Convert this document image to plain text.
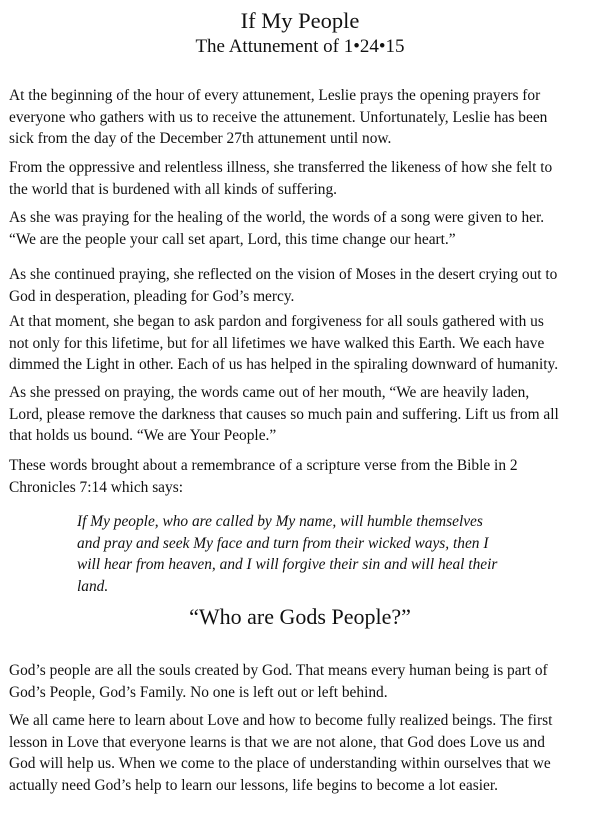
If My People
The Attunement of 1•24•15

At the beginning of the hour of every attunement, Leslie prays the opening prayers for
everyone who gathers with us to receive the attunement. Unfortunately, Leslie has been
sick from the day of the December 27th attunement until now.

From the oppressive and relentless illness, she transferred the likeness of how she felt to
the world that is burdened with all kinds of suffering.

As she was praying for the healing of the world, the words of a song were given to her.
“We are the people your call set apart, Lord, this time change our heart.”

As she continued praying, she reflected on the vision of Moses in the desert crying out to
God in desperation, pleading for God’s mercy.

At that moment, she began to ask pardon and forgiveness for all souls gathered with us
not only for this lifetime, but for all lifetimes we have walked this Earth. We each have
dimmed the Light in other. Each of us has helped in the spiraling downward of humanity.

As she pressed on praying, the words came out of her mouth, “We are heavily laden,
Lord, please remove the darkness that causes so much pain and suffering. Lift us from all
that holds us bound. “We are Your People.”

These words brought about a remembrance of a scripture verse from the Bible in 2
Chronicles 7:14 which says:

If My people, who are called by My name, will humble themselves
and pray and seek My face and turn from their wicked ways, then I
will hear from heaven, and I will forgive their sin and will heal their
land.
“Who are Gods People?”

God’s people are all the souls created by God. That means every human being is part of
God’s People, God’s Family. No one is left out or left behind.

We all came here to learn about Love and how to become fully realized beings. The first
lesson in Love that everyone learns is that we are not alone, that God does Love us and
God will help us. When we come to the place of understanding within ourselves that we
actually need God’s help to learn our lessons, life begins to become a lot easier.
